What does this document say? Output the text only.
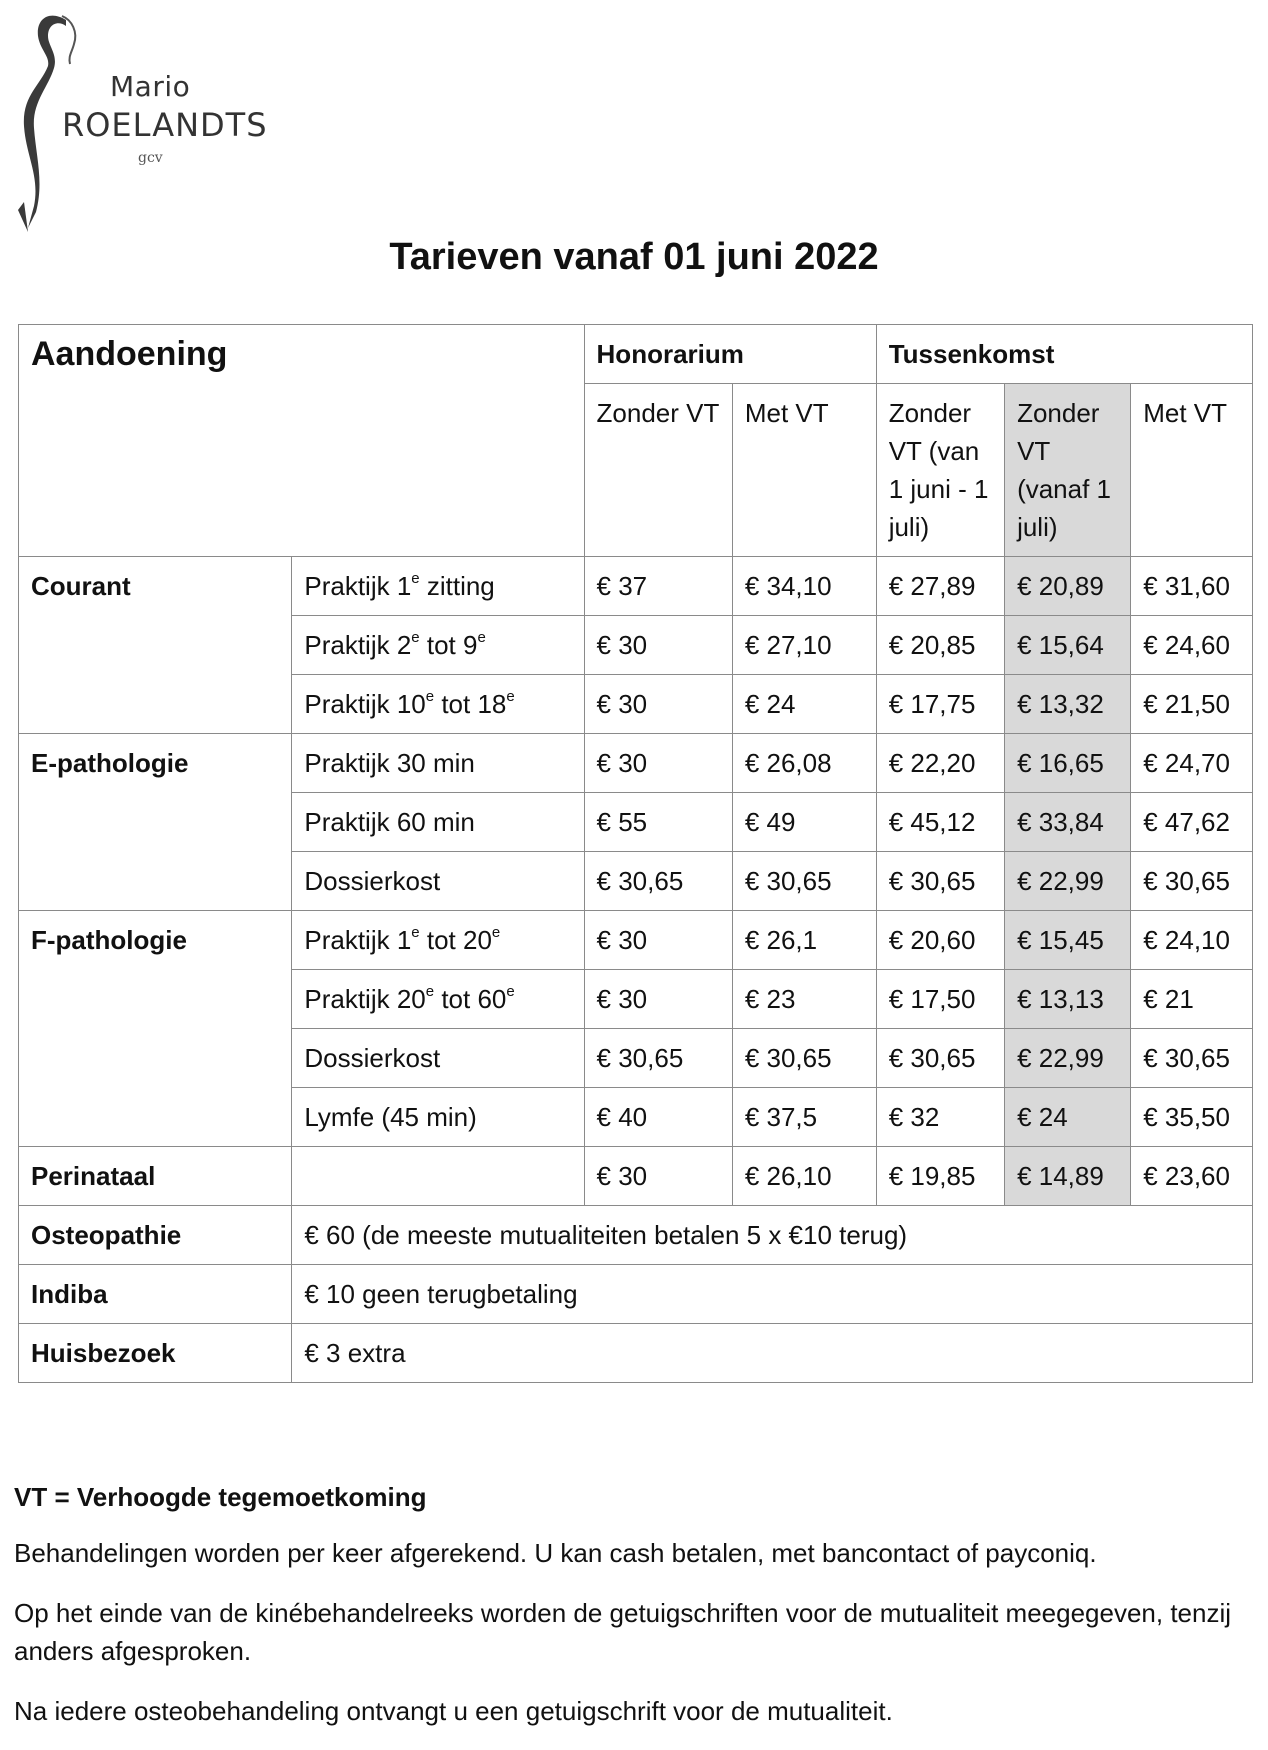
Mario
ROELANDTS
gcv
Tarieven vanaf 01 juni 2022
Aandoening		Honorarium		Tussenkomst		
		Zonder VT	Met VT	Zonder VT (van 1 juni - 1 juli)	Zonder VT (vanaf 1 juli)	Met VT
Courant	Praktijk 1e zitting	€ 37	€ 34,10	€ 27,89	€ 20,89	€ 31,60
	Praktijk 2e tot 9e	€ 30	€ 27,10	€ 20,85	€ 15,64	€ 24,60
	Praktijk 10e tot 18e	€ 30	€ 24	€ 17,75	€ 13,32	€ 21,50
E-pathologie	Praktijk 30 min	€ 30	€ 26,08	€ 22,20	€ 16,65	€ 24,70
	Praktijk 60 min	€ 55	€ 49	€ 45,12	€ 33,84	€ 47,62
	Dossierkost	€ 30,65	€ 30,65	€ 30,65	€ 22,99	€ 30,65
F-pathologie	Praktijk 1e tot 20e	€ 30	€ 26,1	€ 20,60	€ 15,45	€ 24,10
	Praktijk 20e tot 60e	€ 30	€ 23	€ 17,50	€ 13,13	€ 21
	Dossierkost	€ 30,65	€ 30,65	€ 30,65	€ 22,99	€ 30,65
	Lymfe (45 min)	€ 40	€ 37,5	€ 32	€ 24	€ 35,50
Perinataal		€ 30	€ 26,10	€ 19,85	€ 14,89	€ 23,60
Osteopathie	€ 60 (de meeste mutualiteiten betalen 5 x €10 terug)					
Indiba	€ 10 geen terugbetaling					
Huisbezoek	€ 3 extra					

VT = Verhoogde tegemoetkoming

Behandelingen worden per keer afgerekend. U kan cash betalen, met bancontact of payconiq.

Op het einde van de kinébehandelreeks worden de getuigschriften voor de mutualiteit meegegeven, tenzij anders afgesproken.

Na iedere osteobehandeling ontvangt u een getuigschrift voor de mutualiteit.
